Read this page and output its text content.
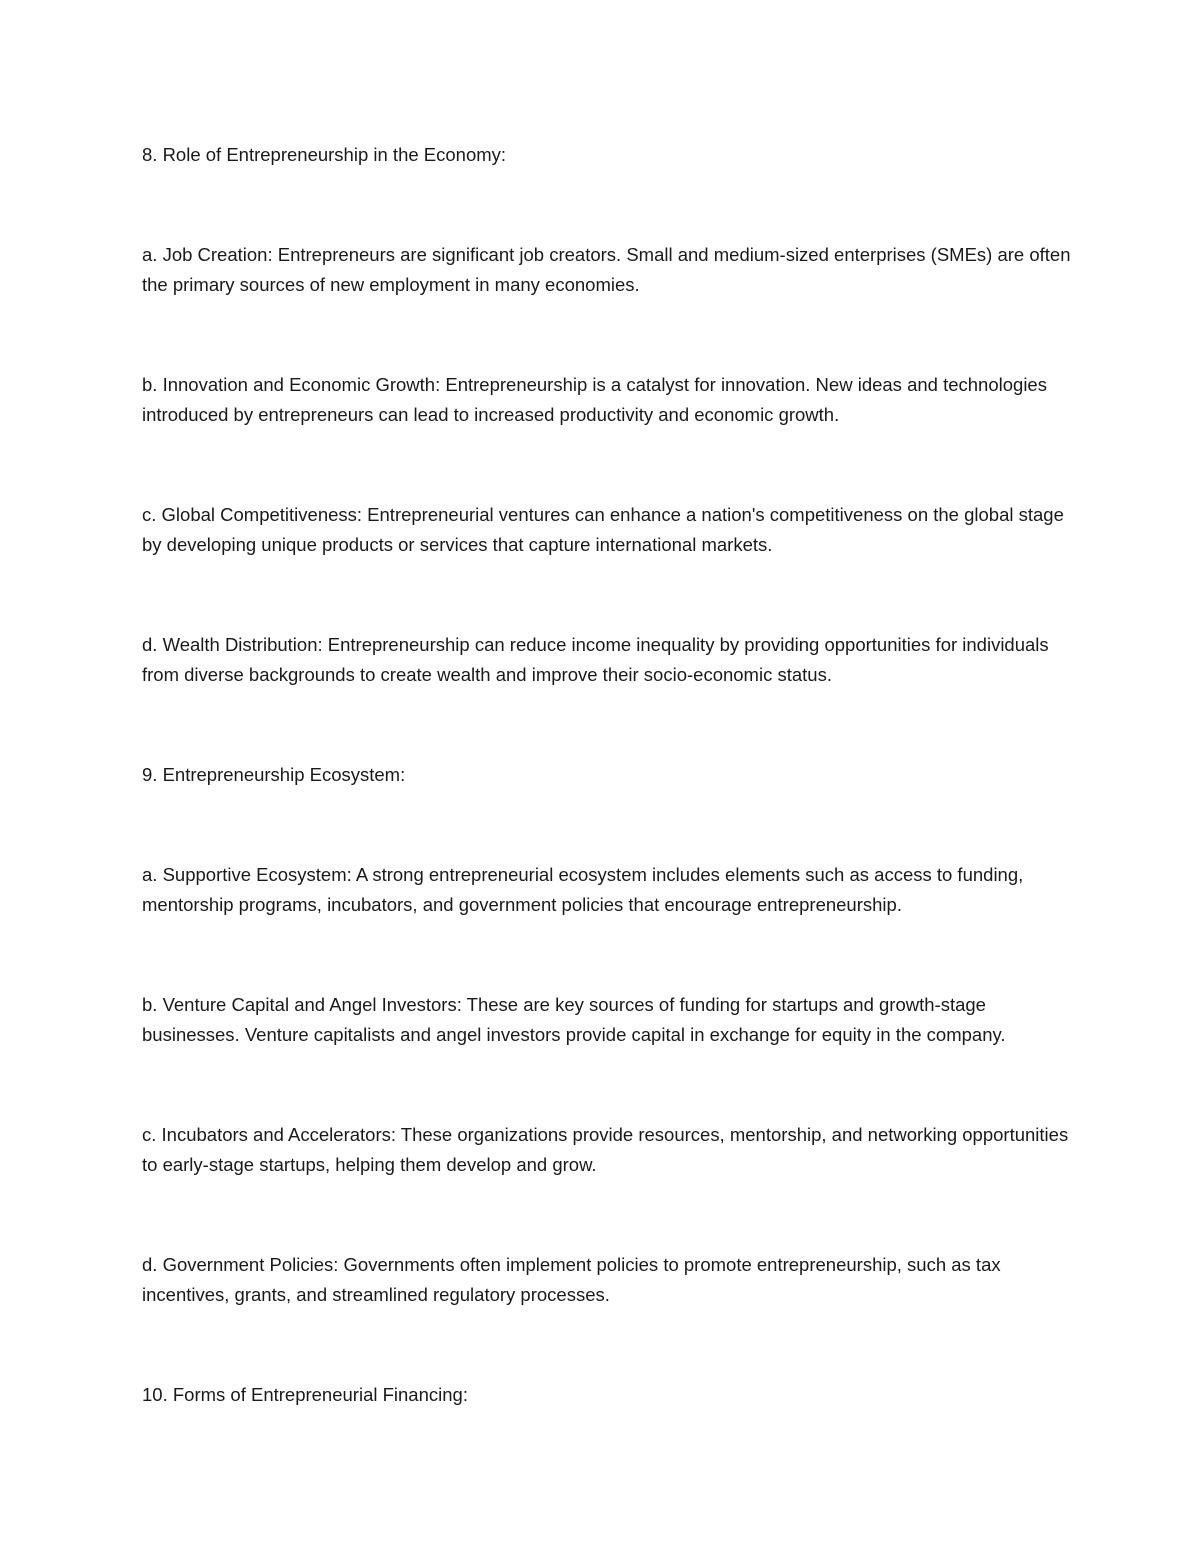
8. Role of Entrepreneurship in the Economy:

a. Job Creation: Entrepreneurs are significant job creators. Small and medium-sized enterprises (SMEs) are often the primary sources of new employment in many economies.

b. Innovation and Economic Growth: Entrepreneurship is a catalyst for innovation. New ideas and technologies introduced by entrepreneurs can lead to increased productivity and economic growth.

c. Global Competitiveness: Entrepreneurial ventures can enhance a nation's competitiveness on the global stage by developing unique products or services that capture international markets.

d. Wealth Distribution: Entrepreneurship can reduce income inequality by providing opportunities for individuals from diverse backgrounds to create wealth and improve their socio-economic status.

9. Entrepreneurship Ecosystem:

a. Supportive Ecosystem: A strong entrepreneurial ecosystem includes elements such as access to funding, mentorship programs, incubators, and government policies that encourage entrepreneurship.

b. Venture Capital and Angel Investors: These are key sources of funding for startups and growth-stage businesses. Venture capitalists and angel investors provide capital in exchange for equity in the company.

c. Incubators and Accelerators: These organizations provide resources, mentorship, and networking opportunities to early-stage startups, helping them develop and grow.

d. Government Policies: Governments often implement policies to promote entrepreneurship, such as tax incentives, grants, and streamlined regulatory processes.

10. Forms of Entrepreneurial Financing:
